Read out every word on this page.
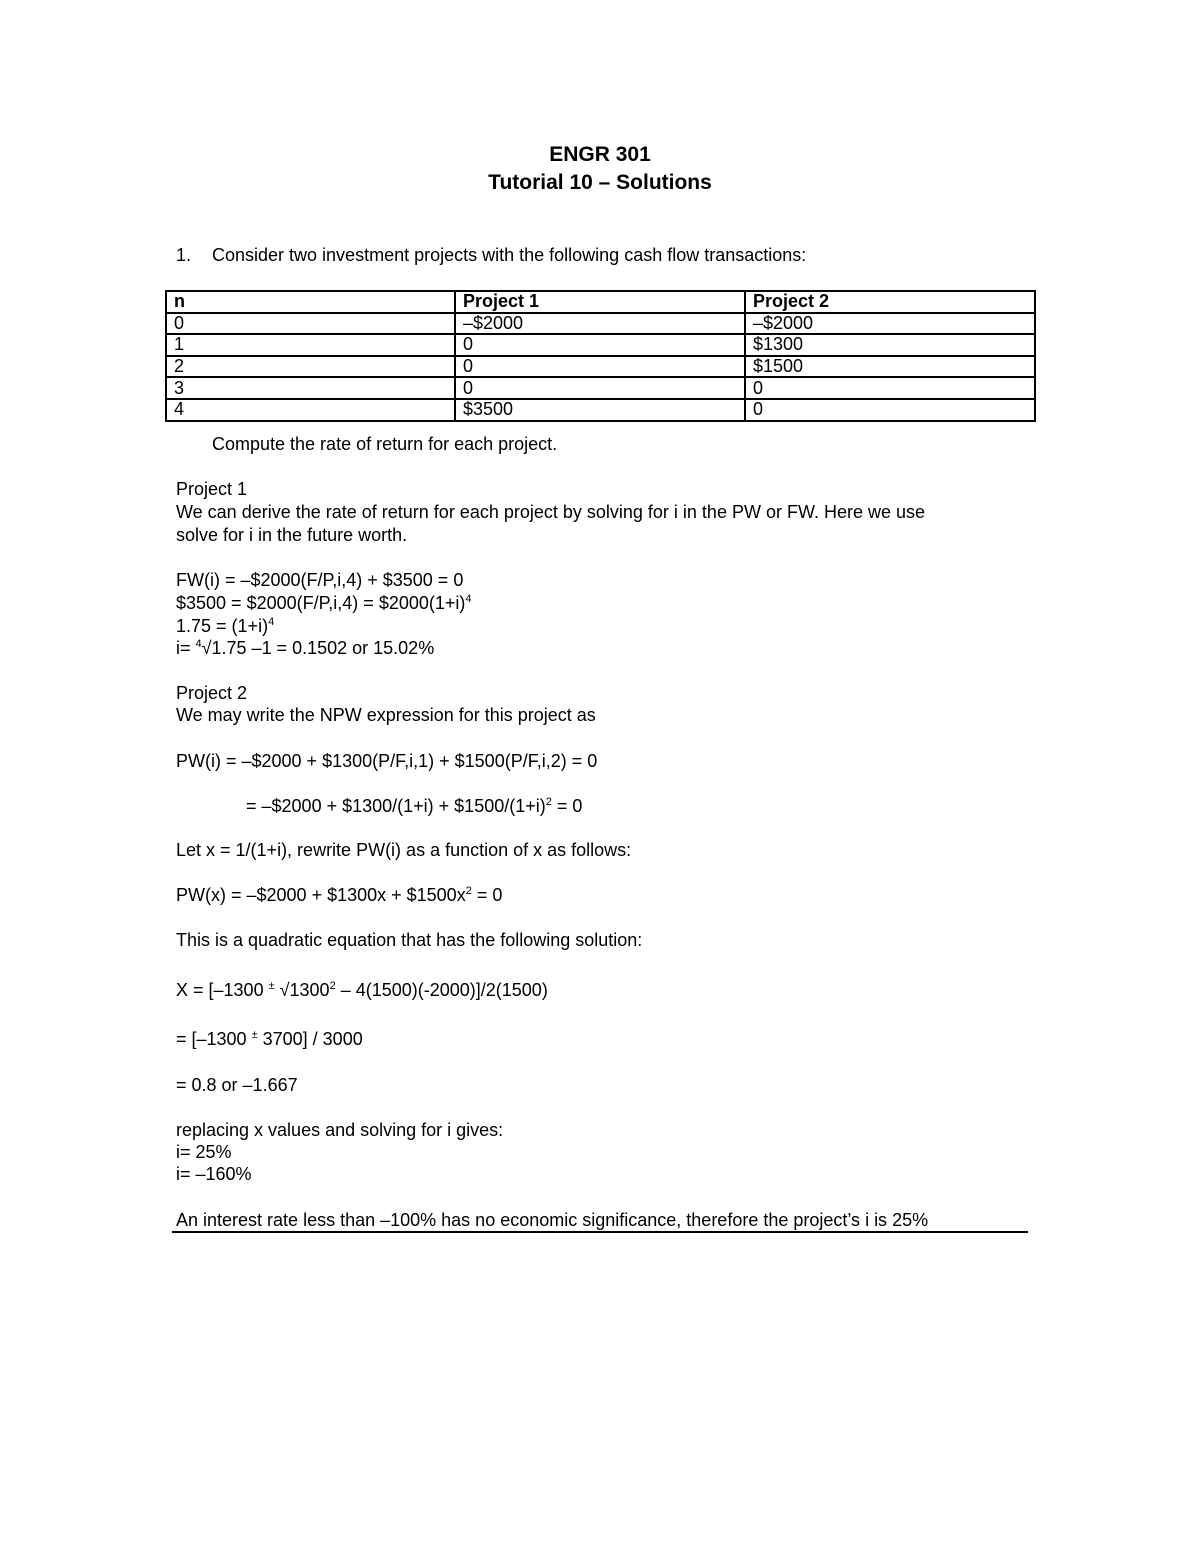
ENGR 301
Tutorial 10 – Solutions
1. Consider two investment projects with the following cash flow transactions:
n	Project 1	Project 2
0	–$2000	–$2000
1	0	$1300
2	0	$1500
3	0	0
4	$3500	0
Compute the rate of return for each project.
Project 1
We can derive the rate of return for each project by solving for i in the PW or FW. Here we use
solve for i in the future worth.
FW(i) = –$2000(F/P,i,4) + $3500 = 0
$3500 = $2000(F/P,i,4) = $\$2000(1+i)^4$
$1.75 = (1+i)^4$
i= $^4$√1.75 –1 = 0.1502 or 15.02%
Project 2
We may write the NPW expression for this project as
PW(i) = –$2000 + $1300(P/F,i,1) + $1500(P/F,i,2) = 0
= –$2000 + $1300/(1+i) + $\$1500/(1+i)^2 = 0$
Let x = 1/(1+i), rewrite PW(i) as a function of x as follows:
PW(x) = –$2000 + $1300x + $\$1500x^2 = 0$
This is a quadratic equation that has the following solution:
X = [–1300 ± √1300$^2$ – 4(1500)(-2000)]/2(1500)
= [–1300 ± 3700] / 3000
= 0.8 or –1.667
replacing x values and solving for i gives:
i= 25%
i= –160%
An interest rate less than –100% has no economic significance, therefore the project’s i is 25%
